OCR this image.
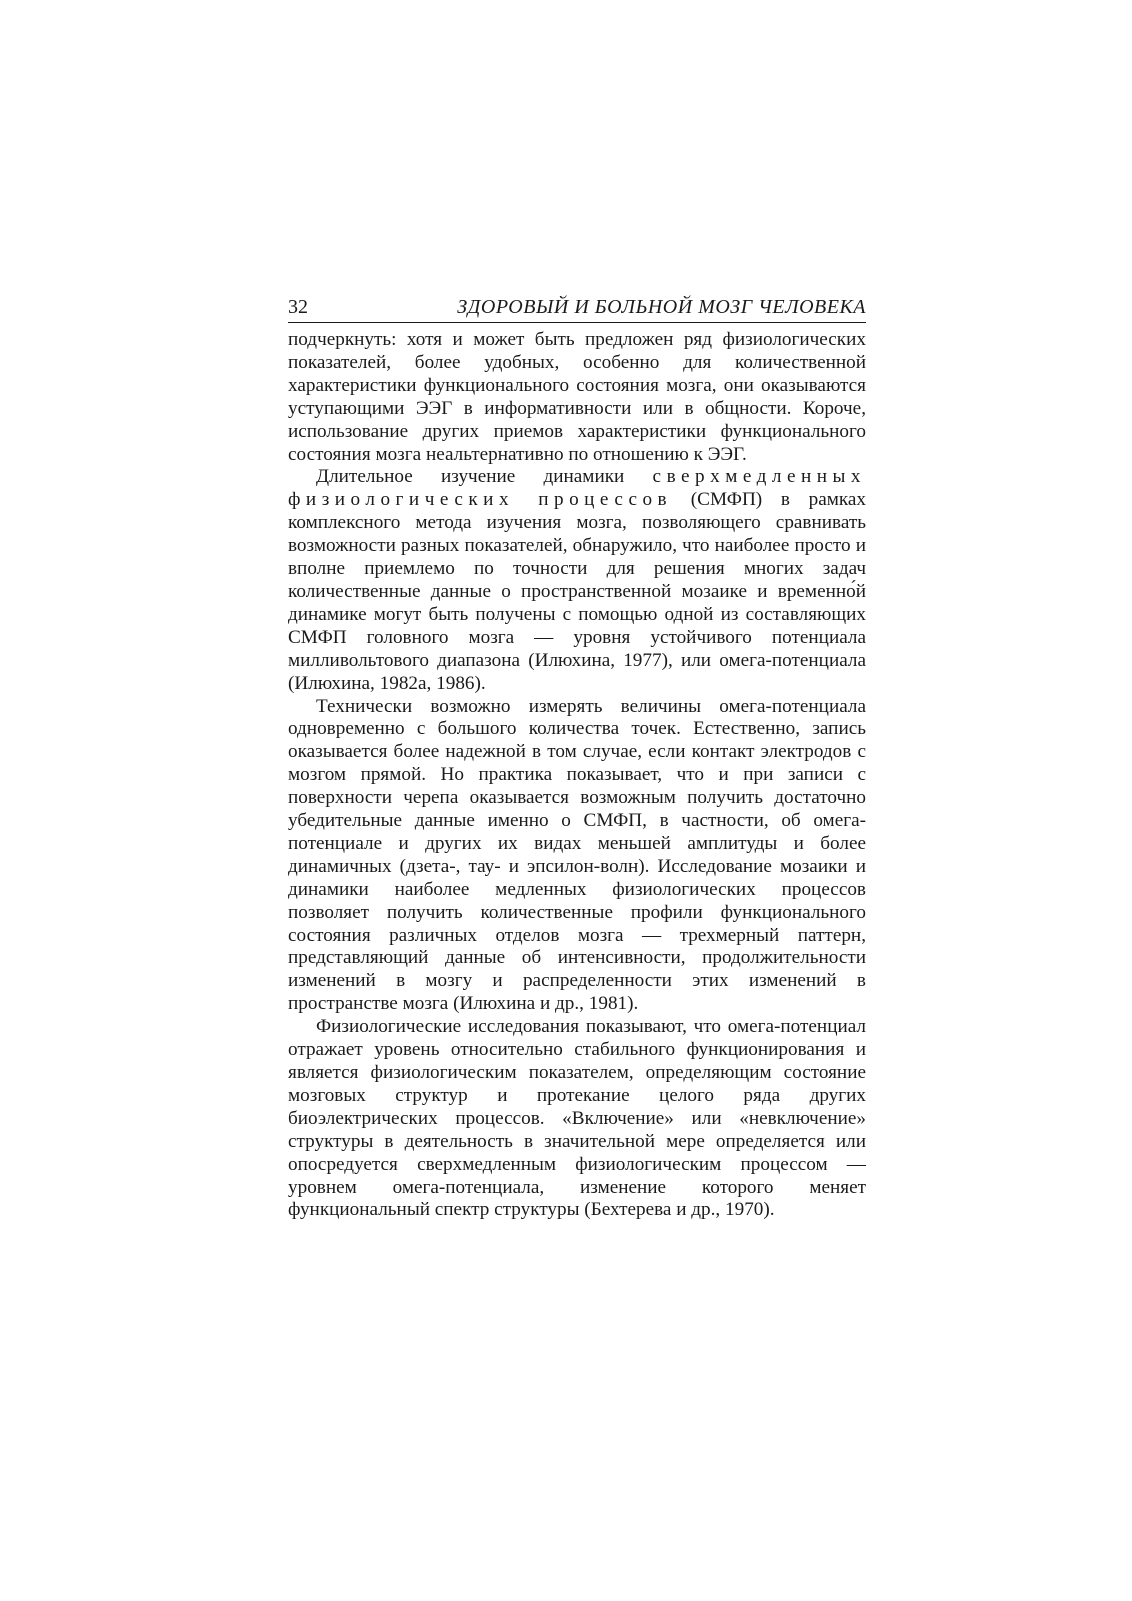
32	ЗДОРОВЫЙ И БОЛЬНОЙ МОЗГ ЧЕЛОВЕКА

подчеркнуть: хотя и может быть предложен ряд физиологических показателей, более удобных, особенно для количественной характеристики функционального состояния мозга, они оказываются уступающими ЭЭГ в информативности или в общности. Короче, использование других приемов характеристики функционального состояния мозга неальтернативно по отношению к ЭЭГ.

Длительное изучение динамики сверхмедленных физиологических процессов (СМФП) в рамках комплексного метода изучения мозга, позволяющего сравнивать возможности разных показателей, обнаружило, что наиболее просто и вполне приемлемо по точности для решения многих задач количественные данные о пространственной мозаике и временно́й динамике могут быть получены с помощью одной из составляющих СМФП головного мозга — уровня устойчивого потенциала милливольтового диапазона (Илюхина, 1977), или омега-потенциала (Илюхина, 1982а, 1986).

Технически возможно измерять величины омега-потенциала одновременно с большого количества точек. Естественно, запись оказывается более надежной в том случае, если контакт электродов с мозгом прямой. Но практика показывает, что и при записи с поверхности черепа оказывается возможным получить достаточно убедительные данные именно о СМФП, в частности, об омега-потенциале и других их видах меньшей амплитуды и более динамичных (дзета-, тау- и эпсилон-волн). Исследование мозаики и динамики наиболее медленных физиологических процессов позволяет получить количественные профили функционального состояния различных отделов мозга — трехмерный паттерн, представляющий данные об интенсивности, продолжительности изменений в мозгу и распределенности этих изменений в пространстве мозга (Илюхина и др., 1981).

Физиологические исследования показывают, что омега-потенциал отражает уровень относительно стабильного функционирования и является физиологическим показателем, определяющим состояние мозговых структур и протекание целого ряда других биоэлектрических процессов. «Включение» или «невключение» структуры в деятельность в значительной мере определяется или опосредуется сверхмедленным физиологическим процессом — уровнем омега-потенциала, изменение которого меняет функциональный спектр структуры (Бехтерева и др., 1970).
